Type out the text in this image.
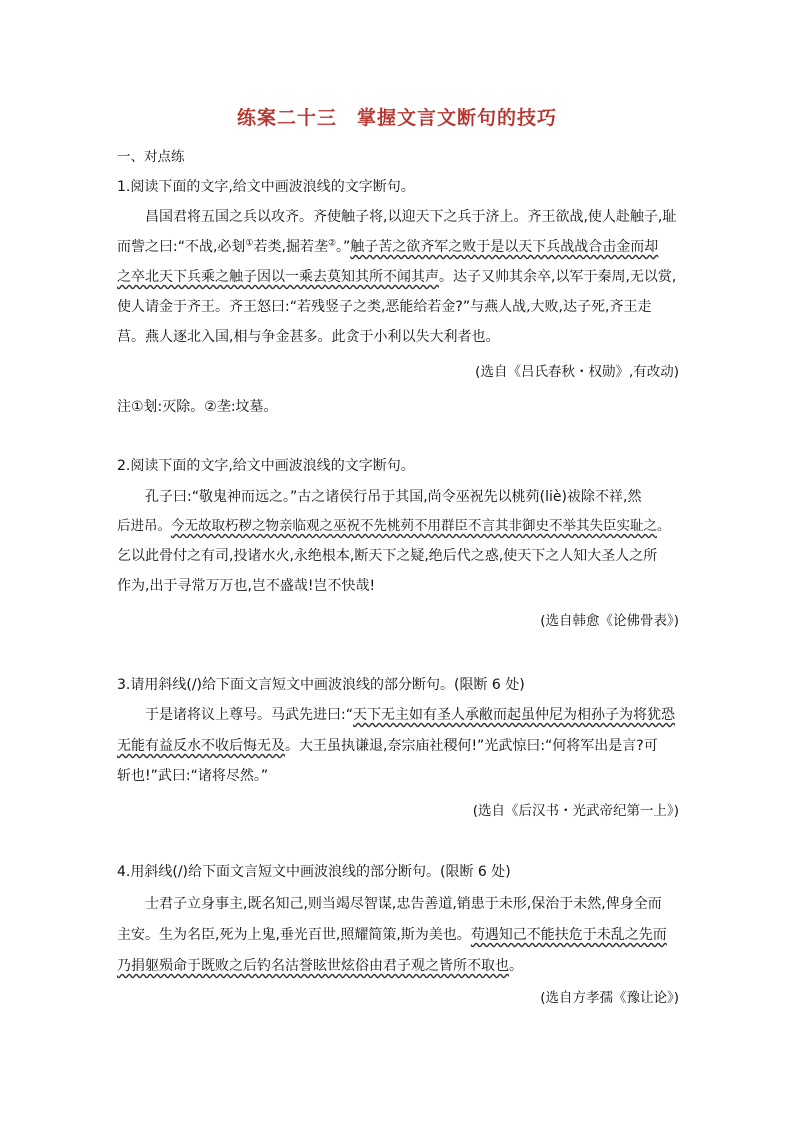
练案二十三　掌握文言文断句的技巧
一、对点练
1.阅读下面的文字,给文中画波浪线的文字断句。
昌国君将五国之兵以攻齐。齐使触子将,以迎天下之兵于济上。齐王欲战,使人赴触子,耻
而訾之曰:“不战,必刬①若类,掘若垄②。”触子苦之欲齐军之败于是以天下兵战战合击金而却
之卒北天下兵乘之触子因以一乘去莫知其所不闻其声。达子又帅其余卒,以军于秦周,无以赏,
使人请金于齐王。齐王怒曰:“若残竖子之类,恶能给若金?”与燕人战,大败,达子死,齐王走
莒。燕人逐北入国,相与争金甚多。此贪于小利以失大利者也。
(选自《吕氏春秋・权勋》,有改动)
注①刬:灭除。②垄:坟墓。
2.阅读下面的文字,给文中画波浪线的文字断句。
孔子曰:“敬鬼神而远之。”古之诸侯行吊于其国,尚令巫祝先以桃茢(liè)祓除不祥,然
后进吊。今无故取朽秽之物亲临观之巫祝不先桃茢不用群臣不言其非御史不举其失臣实耻之。
乞以此骨付之有司,投诸水火,永绝根本,断天下之疑,绝后代之惑,使天下之人知大圣人之所
作为,出于寻常万万也,岂不盛哉!岂不快哉!
(选自韩愈《论佛骨表》)
3.请用斜线(/)给下面文言短文中画波浪线的部分断句。(限断 6 处)
于是诸将议上尊号。马武先进曰:“天下无主如有圣人承敝而起虽仲尼为相孙子为将犹恐
无能有益反水不收后悔无及。大王虽执谦退,奈宗庙社稷何!”光武惊曰:“何将军出是言?可
斩也!”武曰:“诸将尽然。”
(选自《后汉书・光武帝纪第一上》)
4.用斜线(/)给下面文言短文中画波浪线的部分断句。(限断 6 处)
士君子立身事主,既名知己,则当竭尽智谋,忠告善道,销患于未形,保治于未然,俾身全而
主安。生为名臣,死为上鬼,垂光百世,照耀简策,斯为美也。苟遇知己不能扶危于未乱之先而
乃捐躯殒命于既败之后钓名沽誉眩世炫俗由君子观之皆所不取也。
(选自方孝孺《豫让论》)
